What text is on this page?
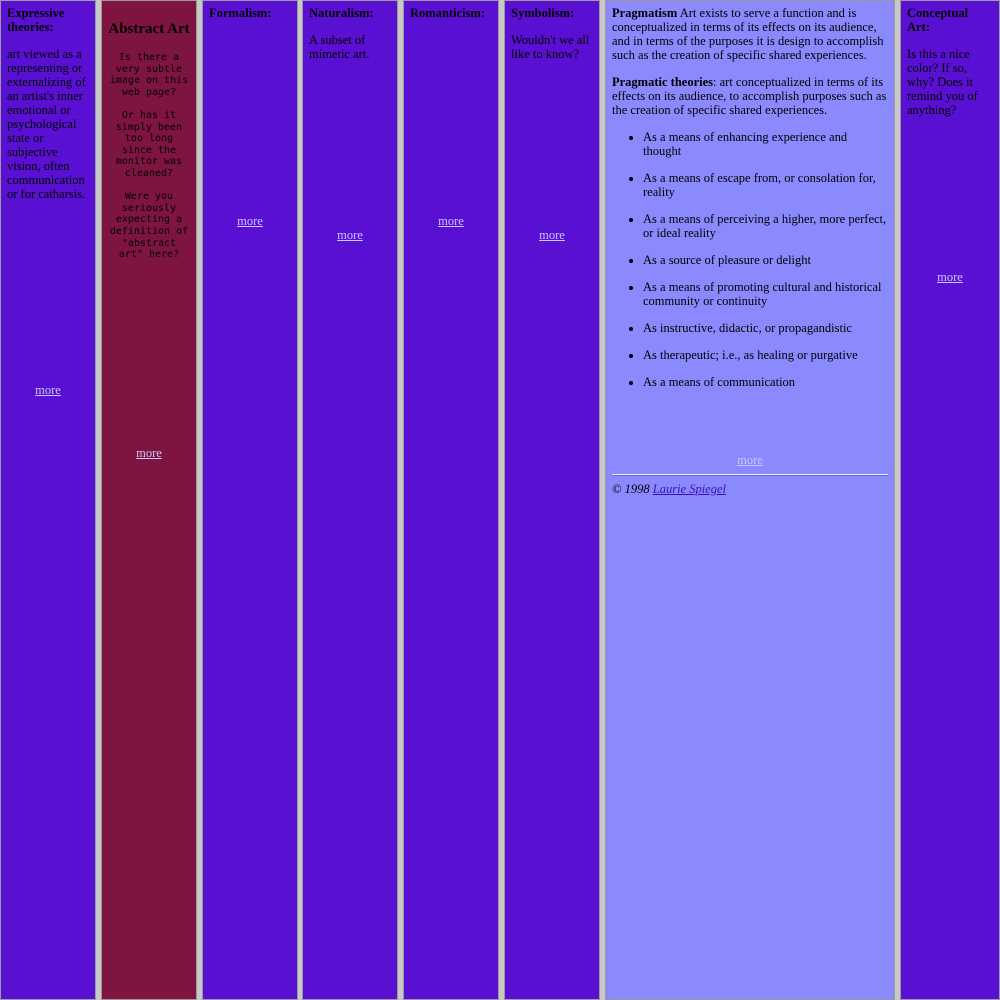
Expressive theories:

art viewed as a representing or externalizing of an artist's inner emotional or psychological state or subjective vision, often communication or for catharsis.

more
Abstract Art

Is there a very subtle image on this web page?

Or has it simply been too long since the monitor was cleaned?

Were you seriously expecting a definition of "abstract art" here?

more
Formalism:
more
Naturalism:

A subset of mimetic art.

more
Romanticism:
more
Symbolism:

Wouldn't we all like to know?

more

Pragmatism Art exists to serve a function and is conceptualized in terms of its effects on its audience, and in terms of the purposes it is design to accomplish such as the creation of specific shared experiences.

Pragmatic theories: art conceptualized in terms of its effects on its audience, to accomplish purposes such as the creation of specific shared experiences.

• As a means of enhancing experience and thought
• As a means of escape from, or consolation for, reality
• As a means of perceiving a higher, more perfect, or ideal reality
• As a source of pleasure or delight
• As a means of promoting cultural and historical community or continuity
• As instructive, didactic, or propagandistic
• As therapeutic; i.e., as healing or purgative
• As a means of communication
more
© 1998 Laurie Spiegel
Conceptual Art:

Is this a nice color? If so, why? Does it remind you of anything?

more
